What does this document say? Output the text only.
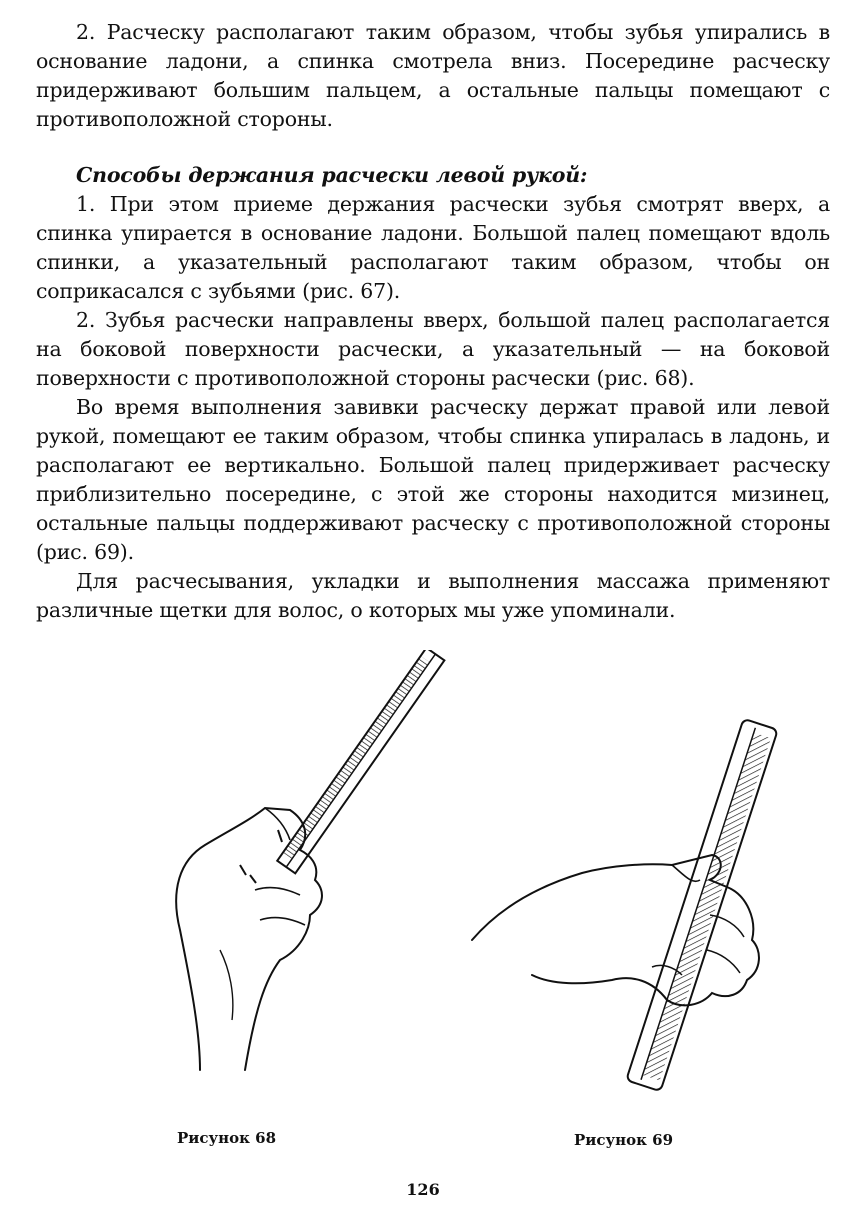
2. Расческу располагают таким образом, чтобы зубья упирались в основание ладони, а спинка смотрела вниз. Посередине расческу придерживают большим пальцем, а остальные пальцы помещают с противоположной стороны.

Способы держания расчески левой рукой:

1. При этом приеме держания расчески зубья смотрят вверх, а спинка упирается в основание ладони. Большой палец помещают вдоль спинки, а указательный располагают таким образом, чтобы он соприкасался с зубьями (рис. 67).

2. Зубья расчески направлены вверх, большой палец располагается на боковой поверхности расчески, а указательный — на боковой поверхности с противоположной стороны расчески (рис. 68).

Во время выполнения завивки расческу держат правой или левой рукой, помещают ее таким образом, чтобы спинка упиралась в ладонь, и располагают ее вертикально. Большой палец придерживает расческу приблизительно посередине, с этой же стороны находится мизинец, остальные пальцы поддерживают расческу с противоположной стороны (рис. 69).

Для расчесывания, укладки и выполнения массажа применяют различные щетки для волос, о которых мы уже упоминали.

Рисунок 68	Рисунок 69
126
